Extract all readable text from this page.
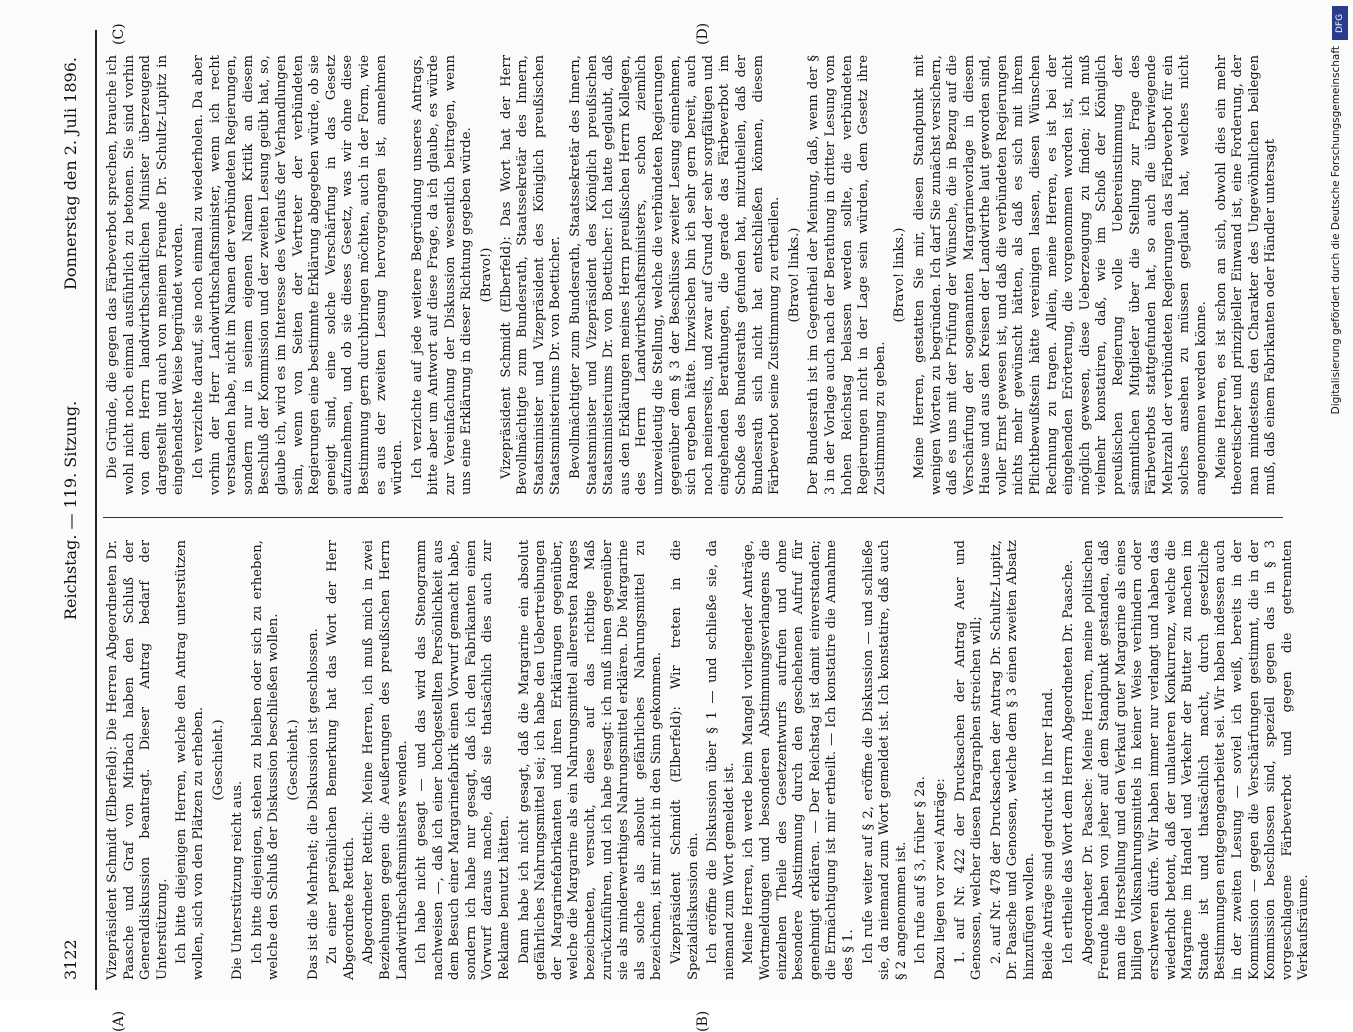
3122
Reichstag. — 119. Sitzung.
Donnerstag den 2. Juli 1896.
(A)	(B)
(C)	(D)

Vizepräsident Schmidt (Elberfeld): Die Herren Abgeordneten Dr. Paasche und Graf von Mirbach haben den Schluß der Generaldiskussion beantragt. Dieser Antrag bedarf der Unterstützung. Ich bitte diejenigen Herren, welche den Antrag unterstützen wollen, sich von den Plätzen zu erheben. (Geschieht.)

Die Unterstützung reicht aus. Ich bitte diejenigen, stehen zu bleiben oder sich zu erheben, welche den Schluß der Diskussion beschließen wollen. (Geschieht.) Das ist die Mehrheit; die Diskussion ist geschlossen. Zu einer persönlichen Bemerkung hat das Wort der Herr Abgeordnete Rettich. Abgeordneter Rettich: Meine Herren, ich muß mich in zwei Beziehungen gegen die Aeußerungen des preußischen Herrn Landwirthschaftsministers wenden. Ich habe nicht gesagt — und das wird das Stenogramm nachweisen —, daß ich einer hochgestellten Persönlichkeit aus dem Besuch einer Margarinefabrik einen Vorwurf gemacht habe, sondern ich habe nur gesagt, daß ich den Fabrikanten einen Vorwurf daraus mache, daß sie thatsächlich dies auch zur Reklame benutzt hätten. Dann habe ich nicht gesagt, daß die Margarine ein absolut gefährliches Nahrungsmittel sei; ich habe den Uebertreibungen der Margarinefabrikanten und ihren Erklärungen gegenüber, welche die Margarine als ein Nahrungsmittel allerersten Ranges bezeichneten, versucht, diese auf das richtige Maß zurückzuführen, und ich habe gesagt: ich muß ihnen gegenüber sie als minderwerthiges Nahrungsmittel erklären. Die Margarine als solche als absolut gefährliches Nahrungsmittel zu bezeichnen, ist mir nicht in den Sinn gekommen. Vizepräsident Schmidt (Elberfeld): Wir treten in die Spezialdiskussion ein. Ich eröffne die Diskussion über § 1 — und schließe sie, da niemand zum Wort gemeldet ist. Meine Herren, ich werde beim Mangel vorliegender Anträge, Wortmeldungen und besonderen Abstimmungsverlangens die einzelnen Theile des Gesetzentwurfs aufrufen und ohne besondere Abstimmung durch den geschehenen Aufruf für genehmigt erklären. — Der Reichstag ist damit einverstanden; die Ermächtigung ist mir ertheilt. — Ich konstatire die Annahme des § 1. Ich rufe weiter auf § 2, eröffne die Diskussion — und schließe sie, da niemand zum Wort gemeldet ist. Ich konstatire, daß auch § 2 angenommen ist. Ich rufe auf § 3, früher § 2a. Dazu liegen vor zwei Anträge: 1. auf Nr. 422 der Drucksachen der Antrag Auer und Genossen, welcher diesen Paragraphen streichen will; 2. auf Nr. 478 der Drucksachen der Antrag Dr. Schultz-Lupitz, Dr. Paasche und Genossen, welche dem § 3 einen zweiten Absatz hinzufügen wollen. Beide Anträge sind gedruckt in Ihrer Hand. Ich ertheile das Wort dem Herrn Abgeordneten Dr. Paasche. Abgeordneter Dr. Paasche: Meine Herren, meine politischen Freunde haben von jeher auf dem Standpunkt gestanden, daß man die Herstellung und den Verkauf guter Margarine als eines billigen Volksnahrungsmittels in keiner Weise verhindern oder erschweren dürfe. Wir haben immer nur verlangt und haben das wiederholt betont, daß der unlauteren Konkurrenz, welche die Margarine im Handel und Verkehr der Butter zu machen im Stande ist und thatsächlich macht, durch gesetzliche Bestimmungen entgegengearbeitet sei. Wir haben indessen auch in der zweiten Lesung — soviel ich weiß, bereits in der Kommission — gegen die Verschärfungen gestimmt, die in der Kommission beschlossen sind, speziell gegen das in § 3 vorgeschlagene Färbeverbot und gegen die getrennten Verkaufsräume.

Die Gründe, die gegen das Färbeverbot sprechen, brauche ich wohl nicht noch einmal ausführlich zu betonen. Sie sind vorhin von dem Herrn landwirthschaftlichen Minister überzeugend dargestellt und auch von meinem Freunde Dr. Schultz-Lupitz in eingehendster Weise begründet worden. Ich verzichte darauf, sie noch einmal zu wiederholen. Da aber vorhin der Herr Landwirthschaftsminister, wenn ich recht verstanden habe, nicht im Namen der verbündeten Regierungen, sondern nur in seinem eigenen Namen Kritik an diesem Beschluß der Kommission und der zweiten Lesung geübt hat, so, glaube ich, wird es im Interesse des Verlaufs der Verhandlungen sein, wenn von Seiten der Vertreter der verbündeten Regierungen eine bestimmte Erklärung abgegeben würde, ob sie geneigt sind, eine solche Verschärfung in das Gesetz aufzunehmen, und ob sie dieses Gesetz, was wir ohne diese Bestimmung gern durchbringen möchten, auch in der Form, wie es aus der zweiten Lesung hervorgegangen ist, annehmen würden. Ich verzichte auf jede weitere Begründung unseres Antrags, bitte aber um Antwort auf diese Frage, da ich glaube, es würde zur Vereinfachung der Diskussion wesentlich beitragen, wenn uns eine Erklärung in dieser Richtung gegeben würde. (Bravo!) Vizepräsident Schmidt (Elberfeld): Das Wort hat der Herr Bevollmächtigte zum Bundesrath, Staatssekretär des Innern, Staatsminister und Vizepräsident des Königlich preußischen Staatsministeriums Dr. von Boetticher. Bevollmächtigter zum Bundesrath, Staatssekretär des Innern, Staatsminister und Vizepräsident des Königlich preußischen Staatsministeriums Dr. von Boetticher: Ich hatte geglaubt, daß aus den Erklärungen meines Herrn preußischen Herrn Kollegen, des Herrn Landwirthschaftsministers, schon ziemlich unzweideutig die Stellung, welche die verbündeten Regierungen gegenüber dem § 3 der Beschlüsse zweiter Lesung einnehmen, sich ergeben hätte. Inzwischen bin ich sehr gern bereit, auch noch meinerseits, und zwar auf Grund der sehr sorgfältigen und eingehenden Berathungen, die gerade das Färbeverbot im Schoße des Bundesraths gefunden hat, mitzutheilen, daß der Bundesrath sich nicht hat entschließen können, diesem Färbeverbot seine Zustimmung zu ertheilen. (Bravo! links.) Der Bundesrath ist im Gegentheil der Meinung, daß, wenn der § 3 in der Vorlage auch nach der Berathung in dritter Lesung vom hohen Reichstag belassen werden sollte, die verbündeten Regierungen nicht in der Lage sein würden, dem Gesetz ihre Zustimmung zu geben.

(Bravo! links.) Meine Herren, gestatten Sie mir, diesen Standpunkt mit wenigen Worten zu begründen. Ich darf Sie zunächst versichern, daß es uns mit der Prüfung der Wünsche, die in Bezug auf die Verschärfung der sogenannten Margarinevorlage in diesem Hause und aus den Kreisen der Landwirthe laut geworden sind, voller Ernst gewesen ist, und daß die verbündeten Regierungen nichts mehr gewünscht hätten, als daß es sich mit ihrem Pflichtbewußtsein hätte vereinigen lassen, diesen Wünschen Rechnung zu tragen. Allein, meine Herren, es ist bei der eingehenden Erörterung, die vorgenommen worden ist, nicht möglich gewesen, diese Ueberzeugung zu finden; ich muß vielmehr konstatiren, daß, wie im Schoß der Königlich preußischen Regierung volle Uebereinstimmung der sämmtlichen Mitglieder über die Stellung zur Frage des Färbeverbots stattgefunden hat, so auch die überwiegende Mehrzahl der verbündeten Regierungen das Färbeverbot für ein solches ansehen zu müssen geglaubt hat, welches nicht angenommen werden könne. Meine Herren, es ist schon an sich, obwohl dies ein mehr theoretischer und prinzipieller Einwand ist, eine Forderung, der man mindestens den Charakter des Ungewöhnlichen beilegen muß, daß einem Fabrikanten oder Händler untersagt

DFG
Digitalisierung gefördert durch die Deutsche Forschungsgemeinschaft
